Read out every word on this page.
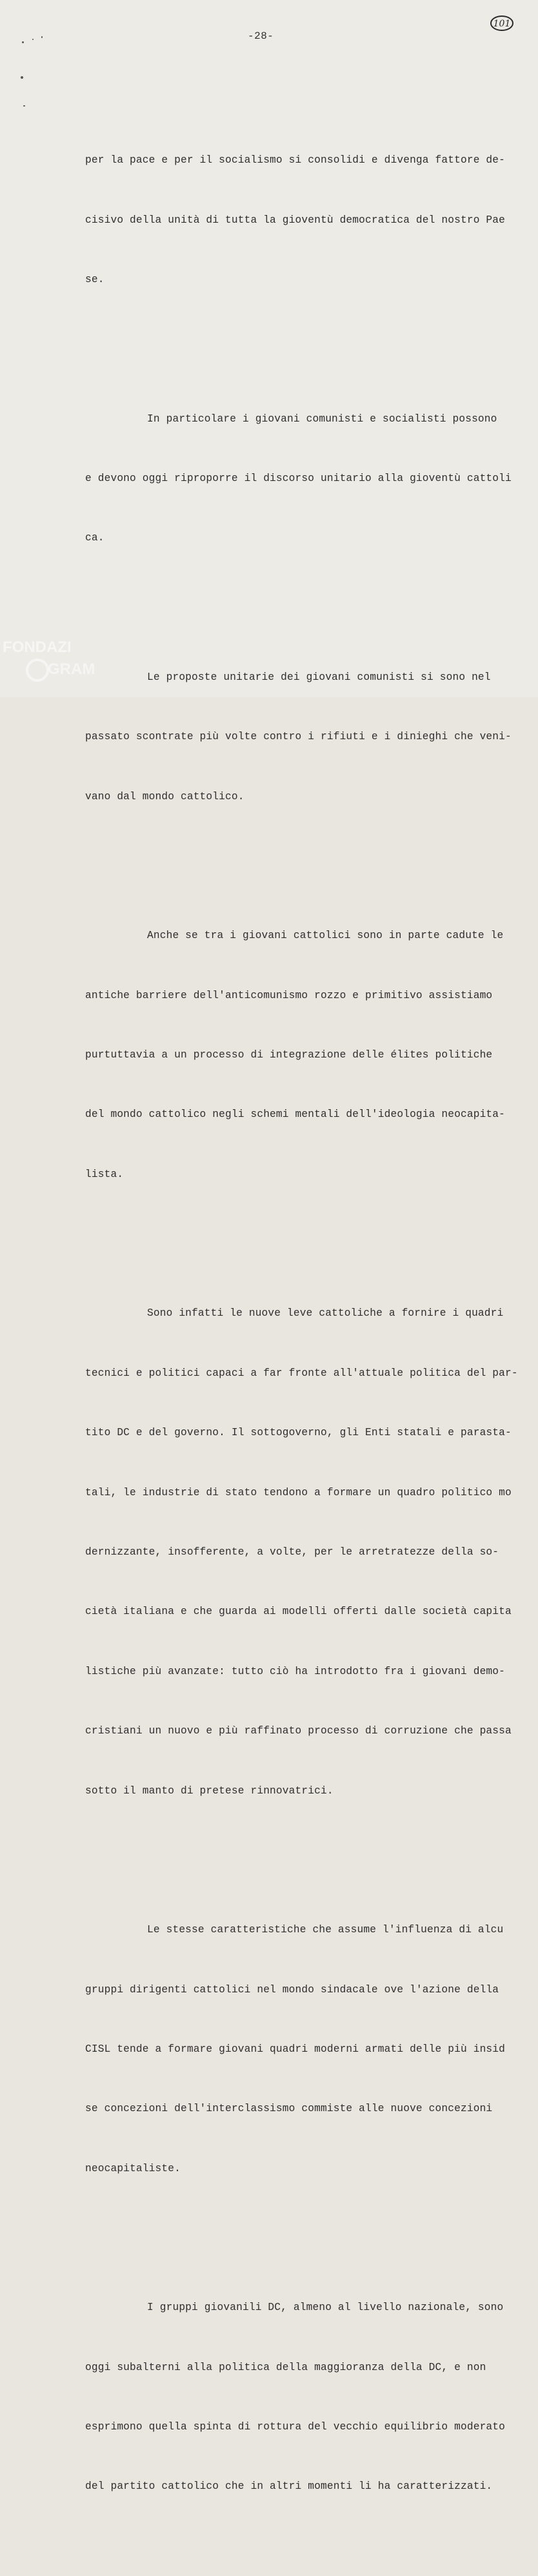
101
-28-

per la pace e per il socialismo si consolidi e divenga fattore de-

cisivo della unità di tutta la gioventù democratica del nostro Pae

se.

In particolare i giovani comunisti e socialisti possono

e devono oggi riproporre il discorso unitario alla gioventù cattoli

ca.

Le proposte unitarie dei giovani comunisti si sono nel

passato scontrate più volte contro i rifiuti e i dinieghi che veni-

vano dal mondo cattolico.

Anche se tra i giovani cattolici sono in parte cadute le

antiche barriere dell'anticomunismo rozzo e primitivo assistiamo

purtuttavia a un processo di integrazione delle élites politiche

del mondo cattolico negli schemi mentali dell'ideologia neocapita-

lista.

Sono infatti le nuove leve cattoliche a fornire i quadri

tecnici e politici capaci a far fronte all'attuale politica del par-

tito DC e del governo. Il sottogoverno, gli Enti statali e parasta-

tali, le industrie di stato tendono a formare un quadro politico mo

dernizzante, insofferente, a volte, per le arretratezze della so-

cietà italiana e che guarda ai modelli offerti dalle società capita

listiche più avanzate: tutto ciò ha introdotto fra i giovani demo-

cristiani un nuovo e più raffinato processo di corruzione che passa

sotto il manto di pretese rinnovatrici.

Le stesse caratteristiche che assume l'influenza di alcu

gruppi dirigenti cattolici nel mondo sindacale ove l'azione della

CISL tende a formare giovani quadri moderni armati delle più insid

se concezioni dell'interclassismo commiste alle nuove concezioni

neocapitaliste.

I gruppi giovanili DC, almeno al livello nazionale, sono

oggi subalterni alla politica della maggioranza della DC, e non

esprimono quella spinta di rottura del vecchio equilibrio moderato

del partito cattolico che in altri momenti li ha caratterizzati.

FONDAZI
GRAM
